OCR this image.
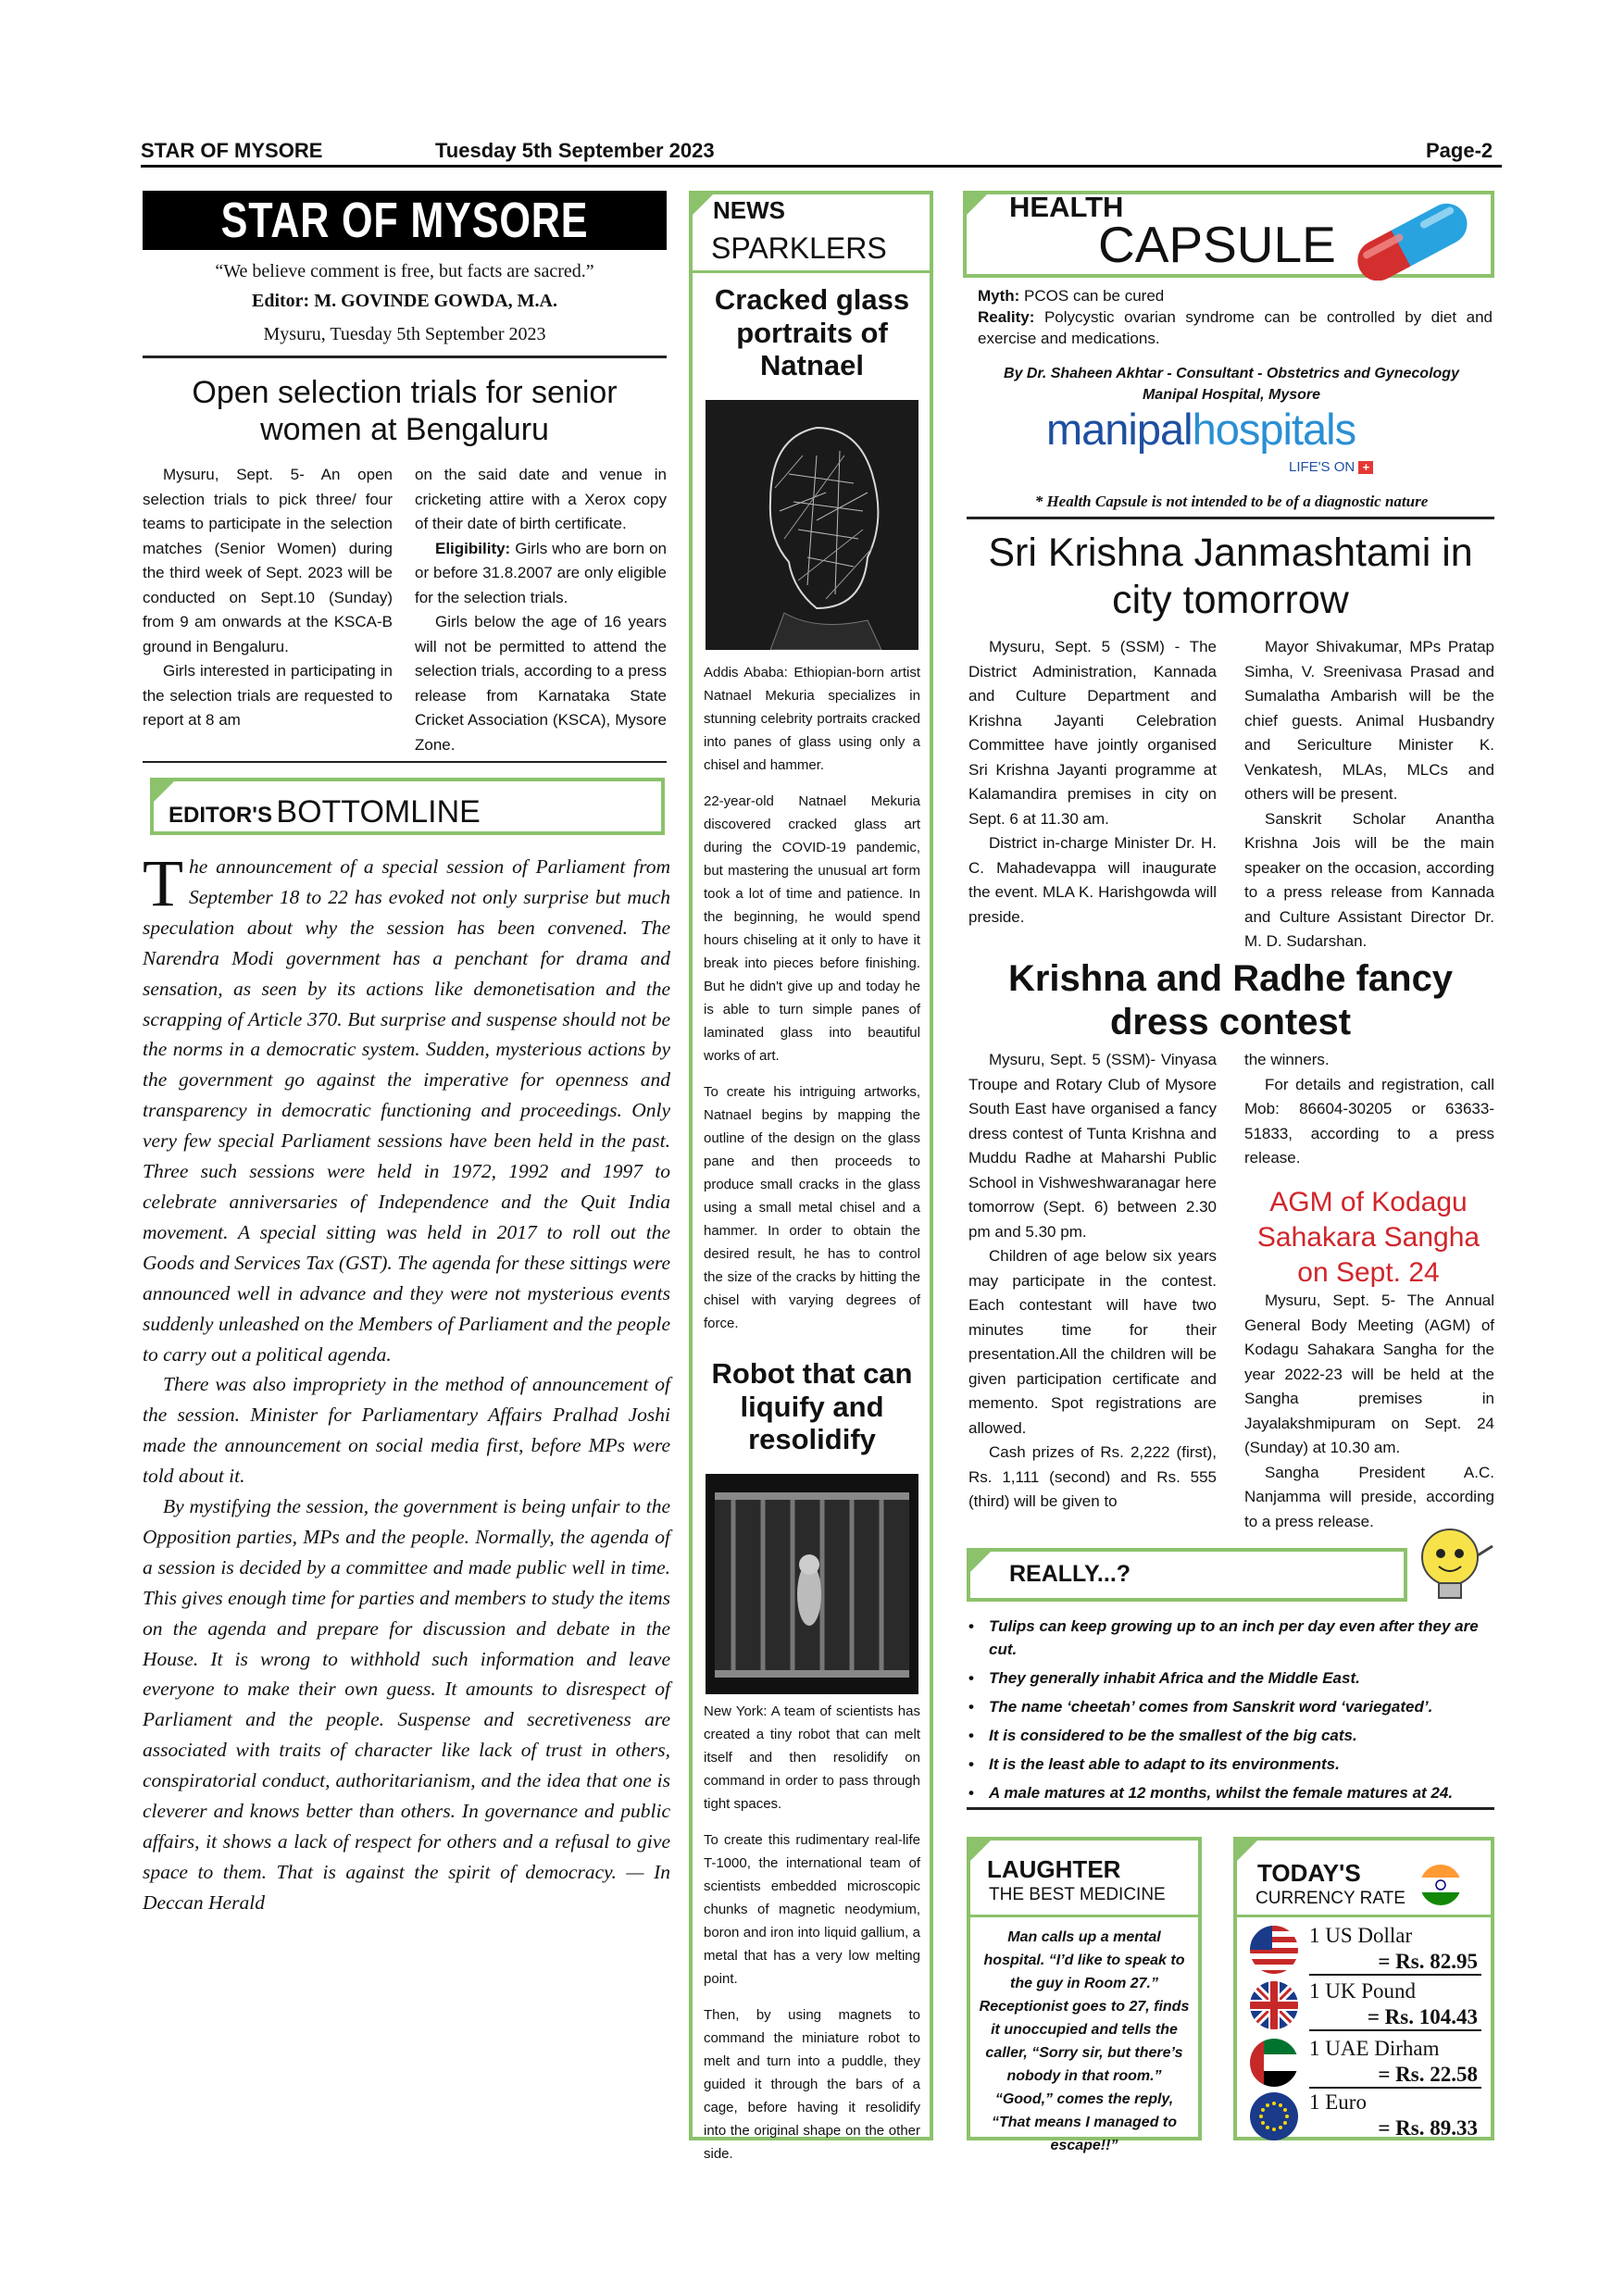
STAR OF MYSORE	Tuesday 5th September 2023	Page-2
STAR OF MYSORE
“We believe comment is free, but facts are sacred.”
Editor: M. GOVINDE GOWDA, M.A.
Mysuru, Tuesday 5th September 2023
Open selection trials for senior women at Bengaluru

Mysuru, Sept. 5- An open selection trials to pick three/ four teams to participate in the selection matches (Senior Women) during the third week of Sept. 2023 will be conducted on Sept.10 (Sunday) from 9 am onwards at the KSCA-B ground in Bengaluru.

Girls interested in participating in the selection trials are requested to report at 8 am

on the said date and venue in cricketing attire with a Xerox copy of their date of birth certificate.

Eligibility: Girls who are born on or before 31.8.2007 are only eligible for the selection trials.

Girls below the age of 16 years will not be permitted to attend the selection trials, according to a press release from Karnataka State Cricket Association (KSCA), Mysore Zone.

EDITOR'S BOTTOMLINE

The announcement of a special session of Parliament from September 18 to 22 has evoked not only surprise but much speculation about why the session has been convened. The Narendra Modi government has a penchant for drama and sensation, as seen by its actions like demonetisation and the scrapping of Article 370. But surprise and suspense should not be the norms in a democratic system. Sudden, mysterious actions by the government go against the imperative for openness and transparency in democratic functioning and proceedings. Only very few special Parliament sessions have been held in the past. Three such sessions were held in 1972, 1992 and 1997 to celebrate anniversaries of Independence and the Quit India movement. A special sitting was held in 2017 to roll out the Goods and Services Tax (GST). The agenda for these sittings were announced well in advance and they were not mysterious events suddenly unleashed on the Members of Parliament and the people to carry out a political agenda.

There was also impropriety in the method of announcement of the session. Minister for Parliamentary Affairs Pralhad Joshi made the announcement on social media first, before MPs were told about it.

By mystifying the session, the government is being unfair to the Opposition parties, MPs and the people. Normally, the agenda of a session is decided by a committee and made public well in time. This gives enough time for parties and members to study the items on the agenda and prepare for discussion and debate in the House. It is wrong to withhold such information and leave everyone to make their own guess. It amounts to disrespect of Parliament and the people. Suspense and secretiveness are associated with traits of character like lack of trust in others, conspiratorial conduct, authoritarianism, and the idea that one is cleverer and knows better than others. In governance and public affairs, it shows a lack of respect for others and a refusal to give space to them. That is against the spirit of democracy. — In Deccan Herald

NEWS
SPARKLERS
Cracked glass portraits of Natnael

Addis Ababa: Ethiopian-born artist Natnael Mekuria specializes in stunning celebrity portraits cracked into panes of glass using only a chisel and hammer.

22-year-old Natnael Mekuria discovered cracked glass art during the COVID-19 pandemic, but mastering the unusual art form took a lot of time and patience. In the beginning, he would spend hours chiseling at it only to have it break into pieces before finishing. But he didn't give up and today he is able to turn simple panes of laminated glass into beautiful works of art.

To create his intriguing artworks, Natnael begins by mapping the outline of the design on the glass pane and then proceeds to produce small cracks in the glass using a small metal chisel and a hammer. In order to obtain the desired result, he has to control the size of the cracks by hitting the chisel with varying degrees of force.

Robot that can liquify and resolidify

New York: A team of scientists has created a tiny robot that can melt itself and then resolidify on command in order to pass through tight spaces.

To create this rudimentary real-life T-1000, the international team of scientists embedded microscopic chunks of magnetic neodymium, boron and iron into liquid gallium, a metal that has a very low melting point.

Then, by using magnets to command the miniature robot to melt and turn into a puddle, they guided it through the bars of a cage, before having it resolidify into the original shape on the other side.

HEALTH
CAPSULE

Myth: PCOS can be cured

Reality: Polycystic ovarian syndrome can be controlled by diet and exercise and medications.

By Dr. Shaheen Akhtar - Consultant - Obstetrics and Gynecology
Manipal Hospital, Mysore
manipalhospitals
LIFE'S ON +
* Health Capsule is not intended to be of a diagnostic nature
Sri Krishna Janmashtami in city tomorrow

Mysuru, Sept. 5 (SSM) - The District Administration, Kannada and Culture Department and Krishna Jayanti Celebration Committee have jointly organised Sri Krishna Jayanti programme at Kalamandira premises in city on Sept. 6 at 11.30 am.

District in-charge Minister Dr. H. C. Mahadevappa will inaugurate the event. MLA K. Harishgowda will preside.

Mayor Shivakumar, MPs Pratap Simha, V. Sreenivasa Prasad and Sumalatha Ambarish will be the chief guests. Animal Husbandry and Sericulture Minister K. Venkatesh, MLAs, MLCs and others will be present.

Sanskrit Scholar Anantha Krishna Jois will be the main speaker on the occasion, according to a press release from Kannada and Culture Assistant Director Dr. M. D. Sudarshan.

Krishna and Radhe fancy dress contest

Mysuru, Sept. 5 (SSM)- Vinyasa Troupe and Rotary Club of Mysore South East have organised a fancy dress contest of Tunta Krishna and Muddu Radhe at Maharshi Public School in Vishweshwaranagar here tomorrow (Sept. 6) between 2.30 pm and 5.30 pm.

Children of age below six years may participate in the contest. Each contestant will have two minutes time for their presentation.All the children will be given participation certificate and memento. Spot registrations are allowed.

Cash prizes of Rs. 2,222 (first), Rs. 1,111 (second) and Rs. 555 (third) will be given to

the winners.

For details and registration, call Mob: 86604-30205 or 63633-51833, according to a press release.

AGM of Kodagu Sahakara Sangha on Sept. 24

Mysuru, Sept. 5- The Annual General Body Meeting (AGM) of Kodagu Sahakara Sangha for the year 2022-23 will be held at the Sangha premises in Jayalakshmipuram on Sept. 24 (Sunday) at 10.30 am.

Sangha President A.C. Nanjamma will preside, according to a press release.

REALLY...?
• Tulips can keep growing up to an inch per day even after they are cut.
• They generally inhabit Africa and the Middle East.
• The name ‘cheetah’ comes from Sanskrit word ‘variegated’.
• It is considered to be the smallest of the big cats.
• It is the least able to adapt to its environments.
• A male matures at 12 months, whilst the female matures at 24.
LAUGHTER
THE BEST MEDICINE
Man calls up a mental hospital. “I’d like to speak to the guy in Room 27.” Receptionist goes to 27, finds it unoccupied and tells the caller, “Sorry sir, but there’s nobody in that room.” “Good,” comes the reply, “That means I managed to escape!!”
TODAY'S
CURRENCY RATE
1 US Dollar
= Rs. 82.95
1 UK Pound
= Rs. 104.43
1 UAE Dirham
= Rs. 22.58
1 Euro
= Rs. 89.33
